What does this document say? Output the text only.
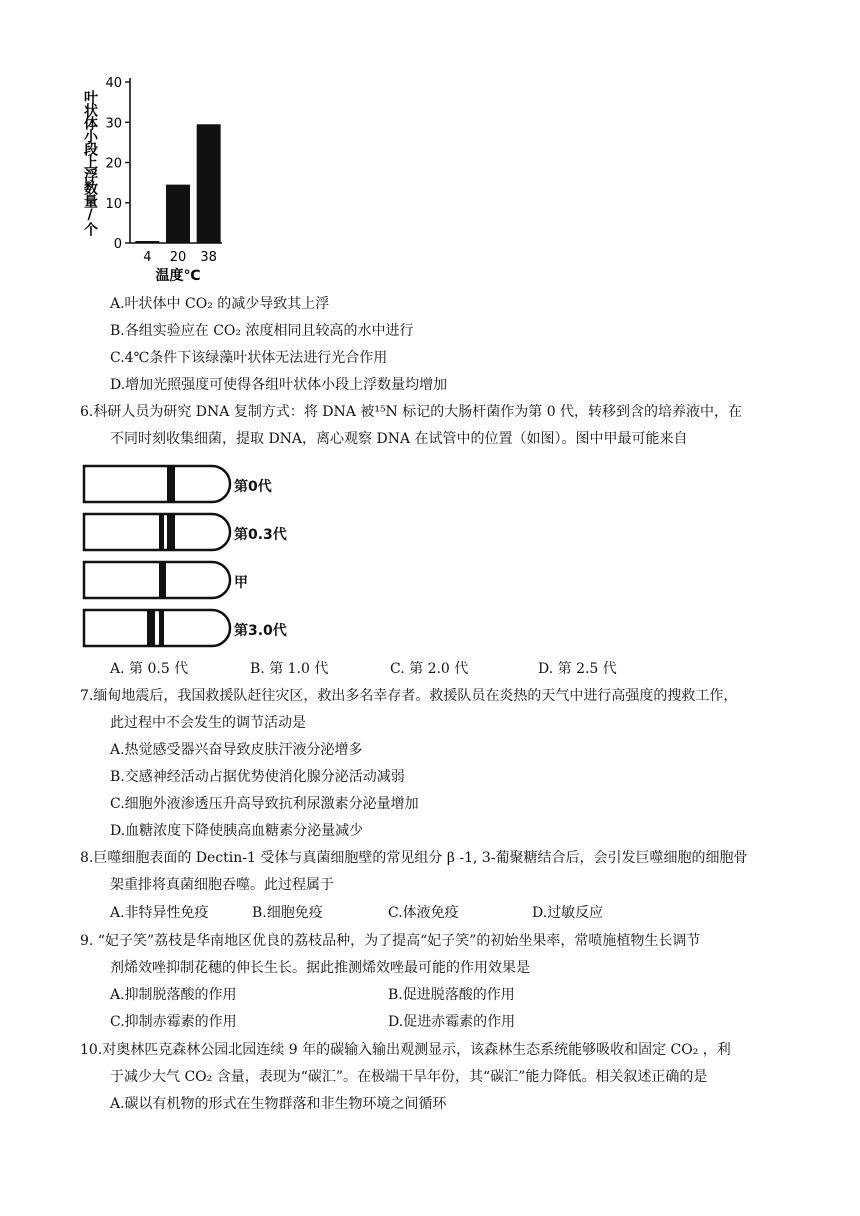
0
10
20
30
40
4 20 38
温度℃
叶状体小段上浮数量/个
A.叶状体中 CO₂ 的减少导致其上浮
B.各组实验应在 CO₂ 浓度相同且较高的水中进行
C.4℃条件下该绿藻叶状体无法进行光合作用
D.增加光照强度可使得各组叶状体小段上浮数量均增加
6.科研人员为研究 DNA 复制方式：将 DNA 被¹⁵N 标记的大肠杆菌作为第 0 代，转移到含的培养液中，在
不同时刻收集细菌，提取 DNA，离心观察 DNA 在试管中的位置（如图）。图中甲最可能来自
第0代
第0.3代
甲
第3.0代
A. 第 0.5 代	B. 第 1.0 代	C. 第 2.0 代	D. 第 2.5 代
7.缅甸地震后，我国救援队赶往灾区，救出多名幸存者。救援队员在炎热的天气中进行高强度的搜救工作，
此过程中不会发生的调节活动是
A.热觉感受器兴奋导致皮肤汗液分泌增多
B.交感神经活动占据优势使消化腺分泌活动减弱
C.细胞外液渗透压升高导致抗利尿激素分泌量增加
D.血糖浓度下降使胰高血糖素分泌量减少
8.巨噬细胞表面的 Dectin-1 受体与真菌细胞壁的常见组分 β -1, 3-葡聚糖结合后，会引发巨噬细胞的细胞骨
架重排将真菌细胞吞噬。此过程属于
A.非特异性免疫	B.细胞免疫	C.体液免疫	D.过敏反应
9. “妃子笑”荔枝是华南地区优良的荔枝品种，为了提高“妃子笑”的初始坐果率，常喷施植物生长调节
剂烯效唑抑制花穗的伸长生长。据此推测烯效唑最可能的作用效果是
A.抑制脱落酸的作用	B.促进脱落酸的作用
C.抑制赤霉素的作用	D.促进赤霉素的作用
10.对奥林匹克森林公园北园连续 9 年的碳输入输出观测显示，该森林生态系统能够吸收和固定 CO₂ ，利
于减少大气 CO₂ 含量，表现为“碳汇”。在极端干旱年份，其“碳汇”能力降低。相关叙述正确的是
A.碳以有机物的形式在生物群落和非生物环境之间循环
